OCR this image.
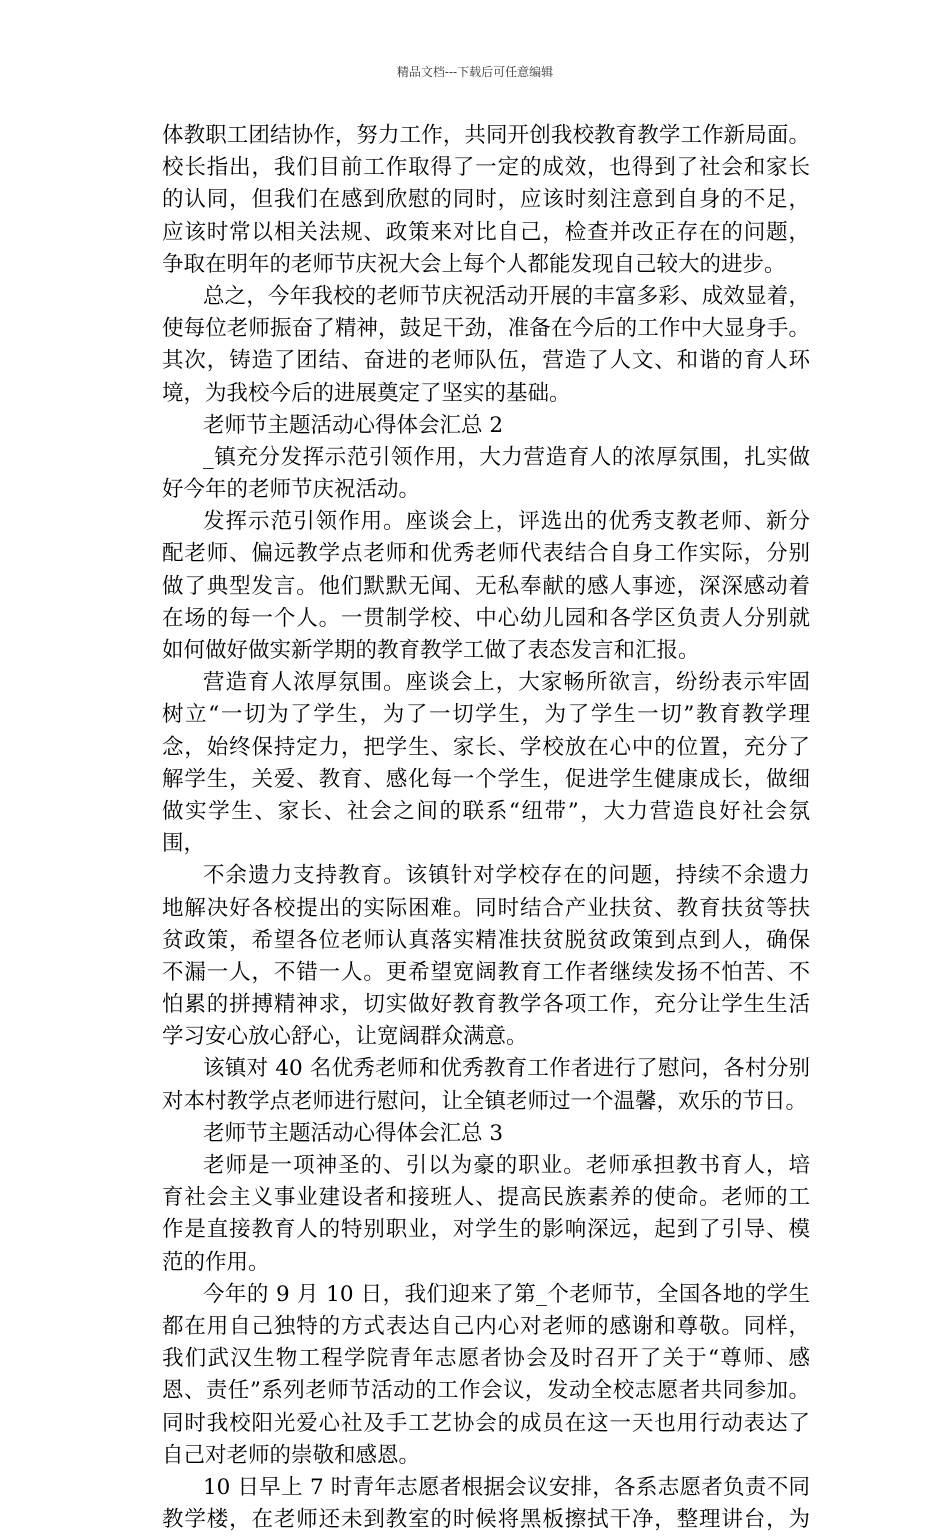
精品文档---下载后可任意编辑
体教职工团结协作，努力工作，共同开创我校教育教学工作新局面。
校长指出，我们目前工作取得了一定的成效，也得到了社会和家长
的认同，但我们在感到欣慰的同时，应该时刻注意到自身的不足，
应该时常以相关法规、政策来对比自己，检查并改正存在的问题，
争取在明年的老师节庆祝大会上每个人都能发现自己较大的进步。
总之，今年我校的老师节庆祝活动开展的丰富多彩、成效显着，
使每位老师振奋了精神，鼓足干劲，准备在今后的工作中大显身手。
其次，铸造了团结、奋进的老师队伍，营造了人文、和谐的育人环
境，为我校今后的进展奠定了坚实的基础。
老师节主题活动心得体会汇总 2
_镇充分发挥示范引领作用，大力营造育人的浓厚氛围，扎实做
好今年的老师节庆祝活动。
发挥示范引领作用。座谈会上，评选出的优秀支教老师、新分
配老师、偏远教学点老师和优秀老师代表结合自身工作实际，分别
做了典型发言。他们默默无闻、无私奉献的感人事迹，深深感动着
在场的每一个人。一贯制学校、中心幼儿园和各学区负责人分别就
如何做好做实新学期的教育教学工做了表态发言和汇报。
营造育人浓厚氛围。座谈会上，大家畅所欲言，纷纷表示牢固
树立“一切为了学生，为了一切学生，为了学生一切”教育教学理
念，始终保持定力，把学生、家长、学校放在心中的位置，充分了
解学生，关爱、教育、感化每一个学生，促进学生健康成长，做细
做实学生、家长、社会之间的联系“纽带”，大力营造良好社会氛
围，
不余遗力支持教育。该镇针对学校存在的问题，持续不余遗力
地解决好各校提出的实际困难。同时结合产业扶贫、教育扶贫等扶
贫政策，希望各位老师认真落实精准扶贫脱贫政策到点到人，确保
不漏一人，不错一人。更希望宽阔教育工作者继续发扬不怕苦、不
怕累的拼搏精神求，切实做好教育教学各项工作，充分让学生生活
学习安心放心舒心，让宽阔群众满意。
该镇对 40 名优秀老师和优秀教育工作者进行了慰问，各村分别
对本村教学点老师进行慰问，让全镇老师过一个温馨，欢乐的节日。
老师节主题活动心得体会汇总 3
老师是一项神圣的、引以为豪的职业。老师承担教书育人，培
育社会主义事业建设者和接班人、提高民族素养的使命。老师的工
作是直接教育人的特别职业，对学生的影响深远，起到了引导、模
范的作用。
今年的 9 月 10 日，我们迎来了第_个老师节，全国各地的学生
都在用自己独特的方式表达自己内心对老师的感谢和尊敬。同样，
我们武汉生物工程学院青年志愿者协会及时召开了关于“尊师、感
恩、责任”系列老师节活动的工作会议，发动全校志愿者共同参加。
同时我校阳光爱心社及手工艺协会的成员在这一天也用行动表达了
自己对老师的崇敬和感恩。
10 日早上 7 时青年志愿者根据会议安排，各系志愿者负责不同
教学楼，在老师还未到教室的时候将黑板擦拭干净，整理讲台，为
